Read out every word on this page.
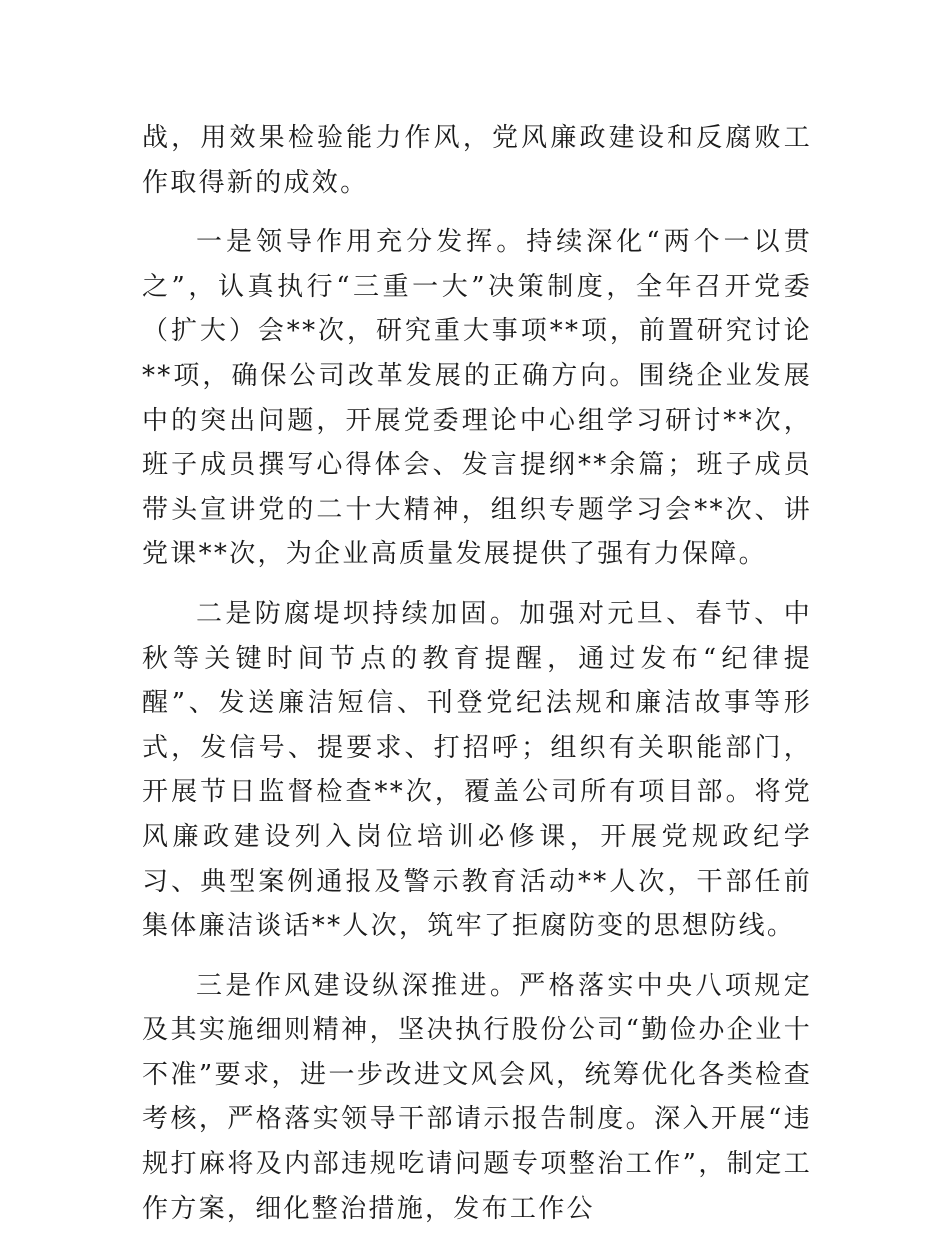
战，用效果检验能力作风，党风廉政建设和反腐败工作取得新的成效。

一是领导作用充分发挥。持续深化“两个一以贯之”，认真执行“三重一大”决策制度，全年召开党委（扩大）会**次，研究重大事项**项，前置研究讨论**项，确保公司改革发展的正确方向。围绕企业发展中的突出问题，开展党委理论中心组学习研讨**次，班子成员撰写心得体会、发言提纲**余篇；班子成员带头宣讲党的二十大精神，组织专题学习会**次、讲党课**次，为企业高质量发展提供了强有力保障。

二是防腐堤坝持续加固。加强对元旦、春节、中秋等关键时间节点的教育提醒，通过发布“纪律提醒”、发送廉洁短信、刊登党纪法规和廉洁故事等形式，发信号、提要求、打招呼；组织有关职能部门，开展节日监督检查**次，覆盖公司所有项目部。将党风廉政建设列入岗位培训必修课，开展党规政纪学习、典型案例通报及警示教育活动**人次，干部任前集体廉洁谈话**人次，筑牢了拒腐防变的思想防线。

三是作风建设纵深推进。严格落实中央八项规定及其实施细则精神，坚决执行股份公司“勤俭办企业十不准”要求，进一步改进文风会风，统筹优化各类检查考核，严格落实领导干部请示报告制度。深入开展“违规打麻将及内部违规吃请问题专项整治工作”，制定工作方案，细化整治措施，发布工作公
